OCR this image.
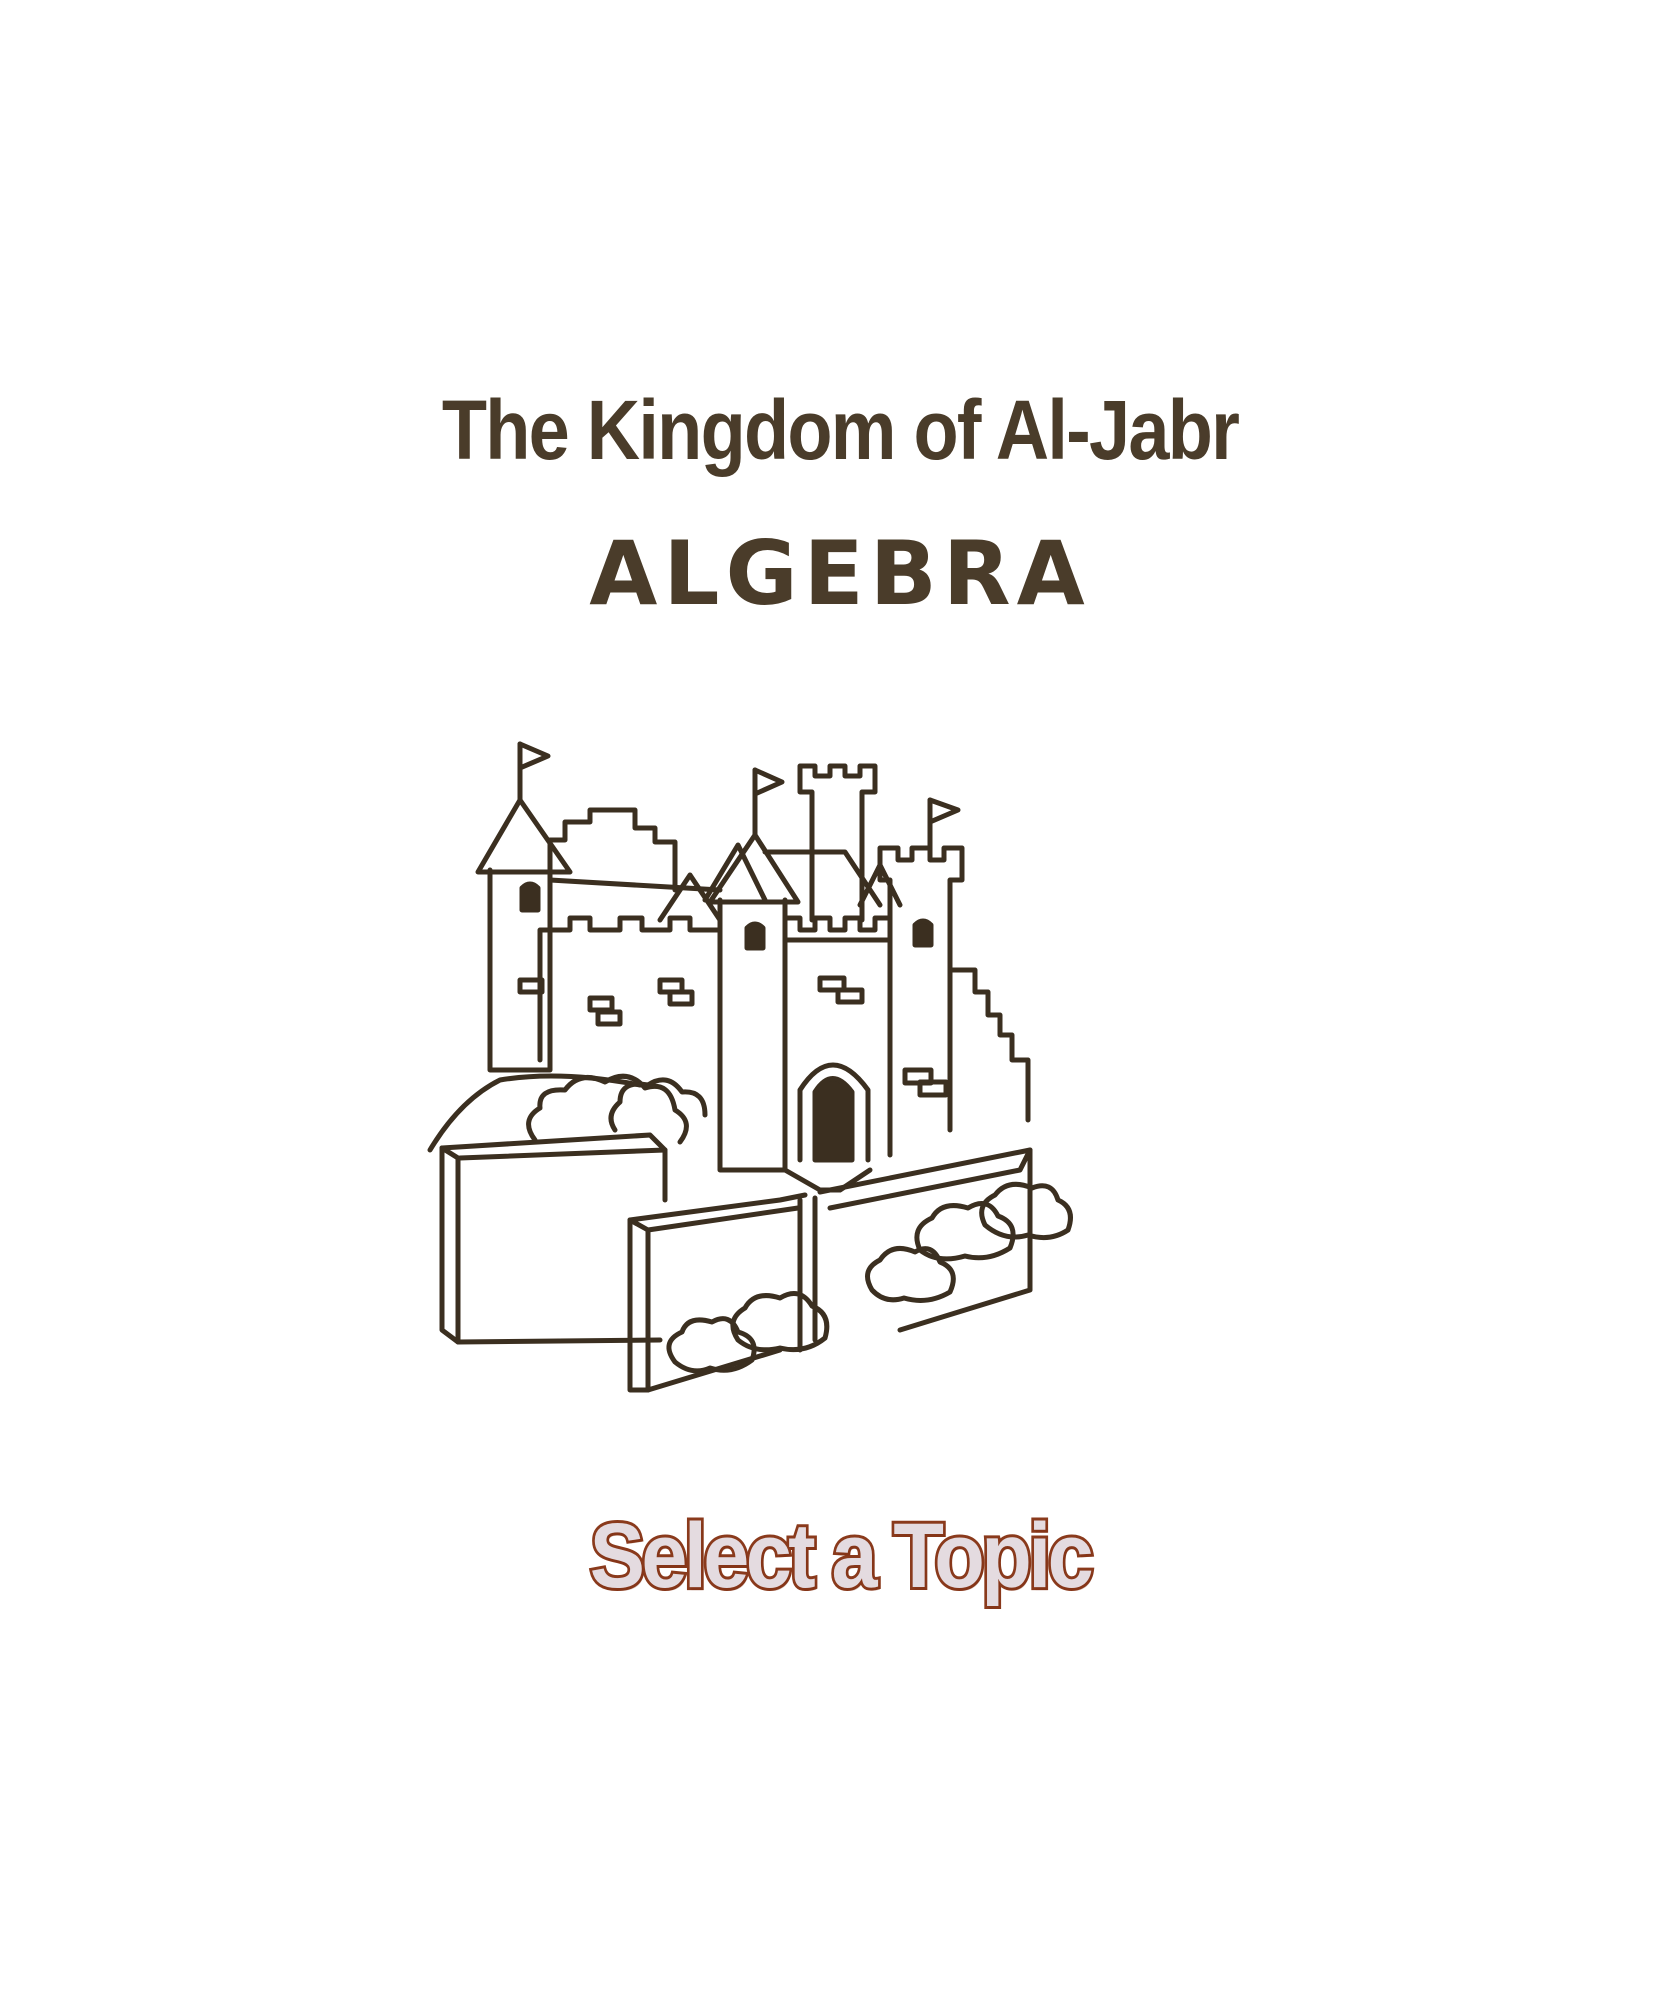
The Kingdom of Al-Jabr
ALGEBRA
Select a Topic
